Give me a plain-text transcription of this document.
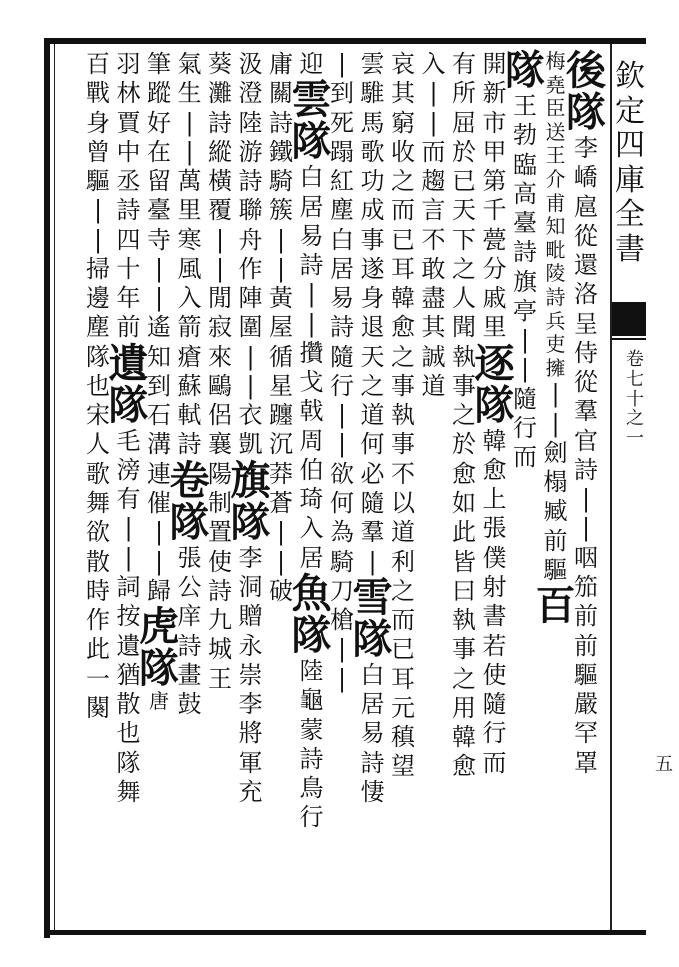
欽
定
四
庫
全
書
卷
七
十
之
一
五
後
隊
李
嶠
扈
從
還
洛
呈
侍
從
羣
官
詩
|
|
咽
笳
前
前
驅
嚴
罕
罩
梅
堯
臣
送
王
介
甫
知
毗
陵
詩
兵
吏
擁
|
|
劍
榻
臧
前
驅
百
隊
王
勃
臨
高
臺
詩
旗
亭
|
|
隨
行
而
開
新
市
甲
第
千
甍
分
戚
里
逐
隊
韓
愈
上
張
僕
射
書
若
使
隨
行
而
有
所
屈
於
已
天
下
之
人
聞
執
事
之
於
愈
如
此
皆
曰
執
事
之
用
韓
愈
入
|
|
而
趨
言
不
敢
盡
其
誠
道
哀
其
窮
收
之
而
已
耳
韓
愈
之
事
執
事
不
以
道
利
之
而
已
耳
元
稹
望
雲
騅
馬
歌
功
成
事
遂
身
退
天
之
道
何
必
隨
羣
|
雪
隊
白
居
易
詩
悽
|
到
死
蹋
紅
塵
白
居
易
詩
隨
行
|
|
欲
何
為
騎
刀
槍
|
|
迎
雲
隊
白
居
易
詩
|
|
攢
戈
戟
周
伯
琦
入
居
魚
隊
陸
龜
蒙
詩
鳥
行
庸
關
詩
鐵
騎
簇
|
|
黃
屋
循
星
躔
沉
莽
蒼
|
|
破
汲
澄
陸
游
詩
聯
舟
作
陣
圍
|
|
衣
凱
旗
隊
李
洞
贈
永
崇
李
將
軍
充
葵
灘
詩
縱
橫
覆
|
|
閒
寂
來
鷗
侶
襄
陽
制
置
使
詩
九
城
王
氣
生
|
|
萬
里
寒
風
入
箭
瘡
蘇
軾
詩
卷
隊
張
公
庠
詩
畫
鼓
筆
蹤
好
在
留
臺
寺
|
|
遙
知
到
石
溝
連
催
|
|
歸
虎
隊
唐
羽
林
賈
中
丞
詩
四
十
年
前
遺
隊
毛
滂
有
|
|
詞
按
遺
猶
散
也
隊
舞
百
戰
身
曾
驅
|
|
掃
邊
塵
隊
也
宋
人
歌
舞
欲
散
時
作
此
一
闋
